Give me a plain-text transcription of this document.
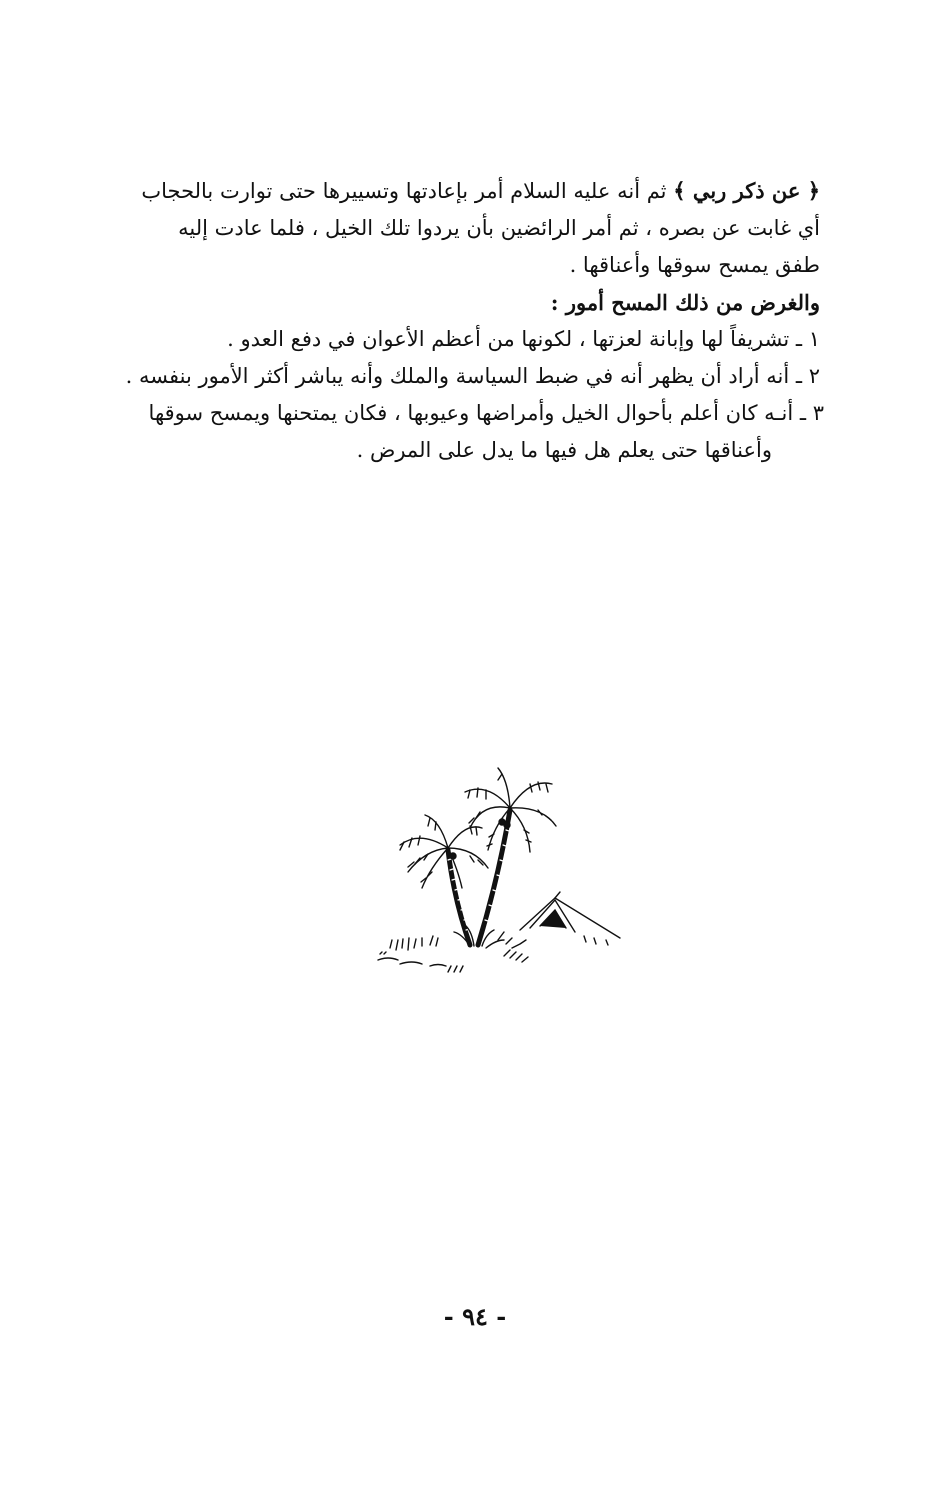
﴿ عن ذكر ربي ﴾ ثم أنه عليه السلام أمر بإعادتها وتسييرها حتى توارت بالحجاب

أي غابت عن بصره ، ثم أمر الرائضين بأن يردوا تلك الخيل ، فلما عادت إليه

طفق يمسح سوقها وأعناقها .

والغرض من ذلك المسح أمور :

١ ـ تشريفاً لها وإبانة لعزتها ، لكونها من أعظم الأعوان في دفع العدو .

٢ ـ أنه أراد أن يظهر أنه في ضبط السياسة والملك وأنه يباشر أكثر الأمور بنفسه .

٣ ـ أنـه كان أعلم بأحوال الخيل وأمراضها وعيوبها ، فكان يمتحنها ويمسح سوقها

وأعناقها حتى يعلم هل فيها ما يدل على المرض .

- ٩٤ -
